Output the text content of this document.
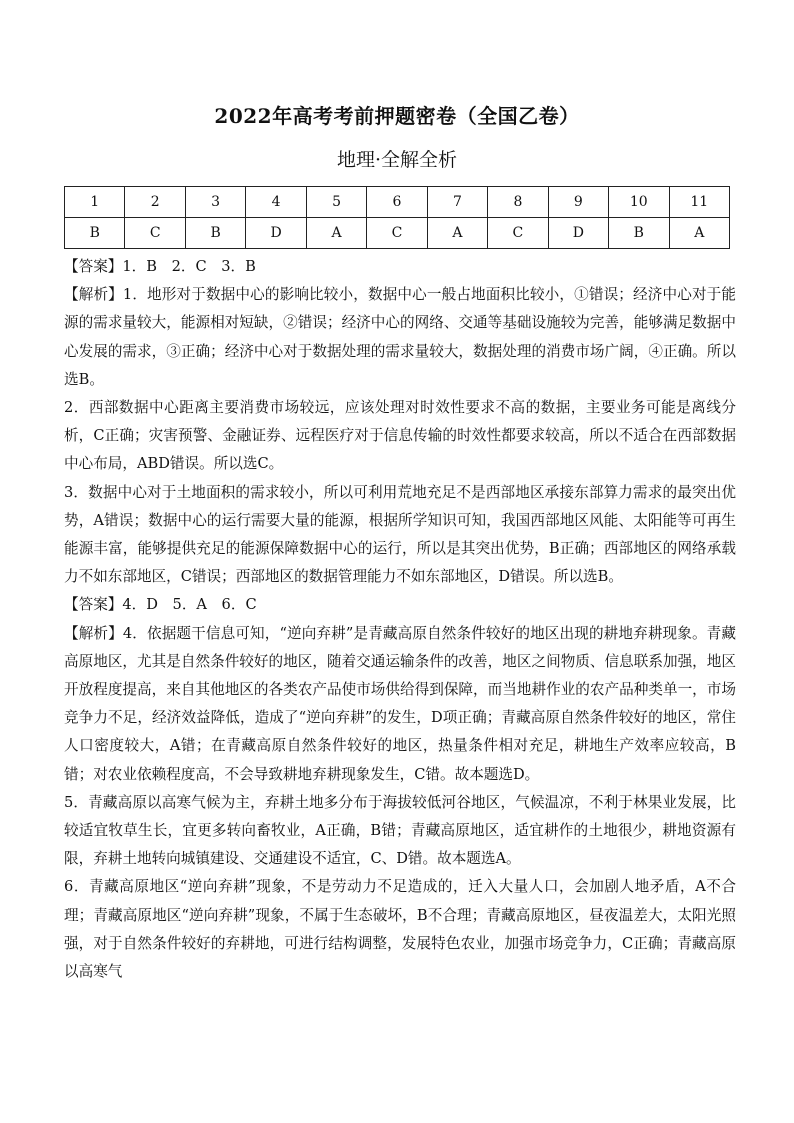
2022年高考考前押题密卷（全国乙卷）
地理·全解全析
1	2	3	4	5	6	7	8	9	10	11
B	C	B	D	A	C	A	C	D	B	A

【答案】1．B　2．C　3．B

【解析】1．地形对于数据中心的影响比较小，数据中心一般占地面积比较小，①错误；经济中心对于能源的需求量较大，能源相对短缺，②错误；经济中心的网络、交通等基础设施较为完善，能够满足数据中心发展的需求，③正确；经济中心对于数据处理的需求量较大，数据处理的消费市场广阔，④正确。所以选B。

2．西部数据中心距离主要消费市场较远，应该处理对时效性要求不高的数据，主要业务可能是离线分析，C正确；灾害预警、金融证券、远程医疗对于信息传输的时效性都要求较高，所以不适合在西部数据中心布局，ABD错误。所以选C。

3．数据中心对于土地面积的需求较小，所以可利用荒地充足不是西部地区承接东部算力需求的最突出优势，A错误；数据中心的运行需要大量的能源，根据所学知识可知，我国西部地区风能、太阳能等可再生能源丰富，能够提供充足的能源保障数据中心的运行，所以是其突出优势，B正确；西部地区的网络承载力不如东部地区，C错误；西部地区的数据管理能力不如东部地区，D错误。所以选B。

【答案】4．D　5．A　6．C

【解析】4．依据题干信息可知，“逆向弃耕”是青藏高原自然条件较好的地区出现的耕地弃耕现象。青藏高原地区，尤其是自然条件较好的地区，随着交通运输条件的改善，地区之间物质、信息联系加强，地区开放程度提高，来自其他地区的各类农产品使市场供给得到保障，而当地耕作业的农产品种类单一，市场竞争力不足，经济效益降低，造成了“逆向弃耕”的发生，D项正确；青藏高原自然条件较好的地区，常住人口密度较大，A错；在青藏高原自然条件较好的地区，热量条件相对充足，耕地生产效率应较高，B错；对农业依赖程度高，不会导致耕地弃耕现象发生，C错。故本题选D。

5．青藏高原以高寒气候为主，弃耕土地多分布于海拔较低河谷地区，气候温凉，不利于林果业发展，比较适宜牧草生长，宜更多转向畜牧业，A正确，B错；青藏高原地区，适宜耕作的土地很少，耕地资源有限，弃耕土地转向城镇建设、交通建设不适宜，C、D错。故本题选A。

6．青藏高原地区“逆向弃耕”现象，不是劳动力不足造成的，迁入大量人口，会加剧人地矛盾，A不合理；青藏高原地区“逆向弃耕”现象，不属于生态破坏，B不合理；青藏高原地区，昼夜温差大，太阳光照强，对于自然条件较好的弃耕地，可进行结构调整，发展特色农业，加强市场竞争力，C正确；青藏高原以高寒气
